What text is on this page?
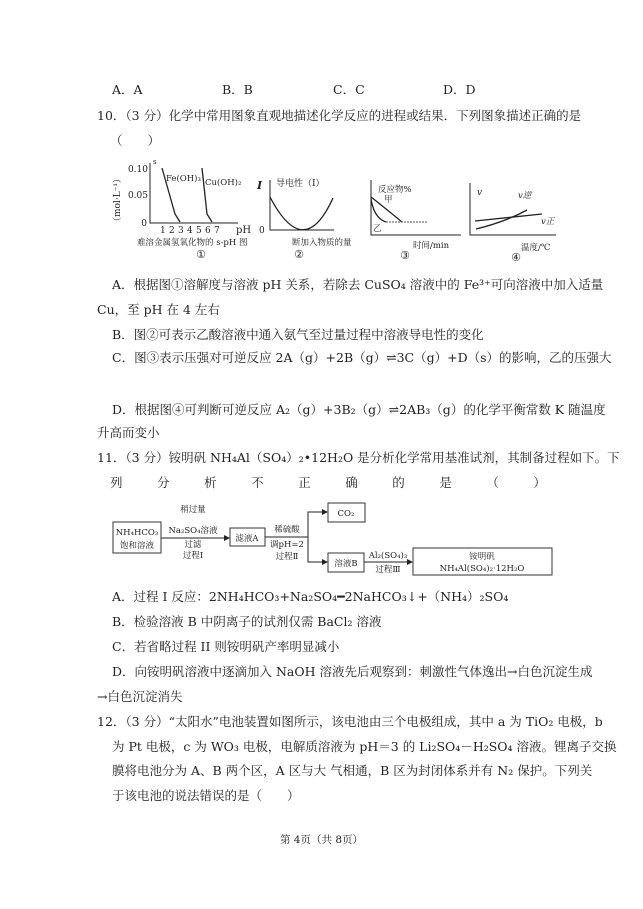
A．A	B．B	C．C	D．D
10．（3 分）化学中常用图象直观地描述化学反应的进程或结果．下列图象描述正确的是
（　　）
s
（mol·L⁻¹）
0.10
0.05
0
1 2 3 4 5 6 7 pH
Fe(OH)₃ Cu(OH)₂
难溶金属氢氧化物的 s-pH 图
①
I 导电性（I）
0
断加入物质的量
②
反应物%
甲
乙
时间/min
③
v	v逆
v正
温度/℃
④
NH₄HCO₃
饱和溶液
稍过量
Na₂SO₄溶液
过滤
过程Ⅰ
滤液A
稀硫酸
调pH=2
过程Ⅱ
CO₂
溶液B
Al₂(SO₄)₃
过程Ⅲ
铵明矾
NH₄Al(SO₄)₂·12H₂O
A．根据图①溶解度与溶液 pH 关系，若除去 CuSO₄ 溶液中的 Fe³⁺可向溶液中加入适量
Cu，至 pH 在 4 左右
B．图②可表示乙酸溶液中通入氨气至过量过程中溶液导电性的变化
C．图③表示压强对可逆反应 2A（g）+2B（g）⇌3C（g）+D（s）的影响，乙的压强大
D．根据图④可判断可逆反应 A₂（g）+3B₂（g）⇌2AB₃（g）的化学平衡常数 K 随温度
升高而变小
11．（3 分）铵明矾 NH₄Al（SO₄）₂•12H₂O 是分析化学常用基准试剂，其制备过程如下。下
列	分	析	不	正	确	的	是	（	）
A．过程 I 反应：2NH₄HCO₃+Na₂SO₄━2NaHCO₃↓+（NH₄）₂SO₄
B．检验溶液 B 中阴离子的试剂仅需 BaCl₂ 溶液
C．若省略过程 II 则铵明矾产率明显减小
D．向铵明矾溶液中逐滴加入 NaOH 溶液先后观察到：刺激性气体逸出→白色沉淀生成
→白色沉淀消失
12．（3 分）“太阳水”电池装置如图所示，该电池由三个电极组成，其中 a 为 TiO₂ 电极，b
为 Pt 电极，c 为 WO₃ 电极，电解质溶液为 pH＝3 的 Li₂SO₄－H₂SO₄ 溶液。锂离子交换
膜将电池分为 A、B 两个区，A 区与大 气相通，B 区为封闭体系并有 N₂ 保护。下列关
于该电池的说法错误的是（　　）
第 4页（共 8页）
